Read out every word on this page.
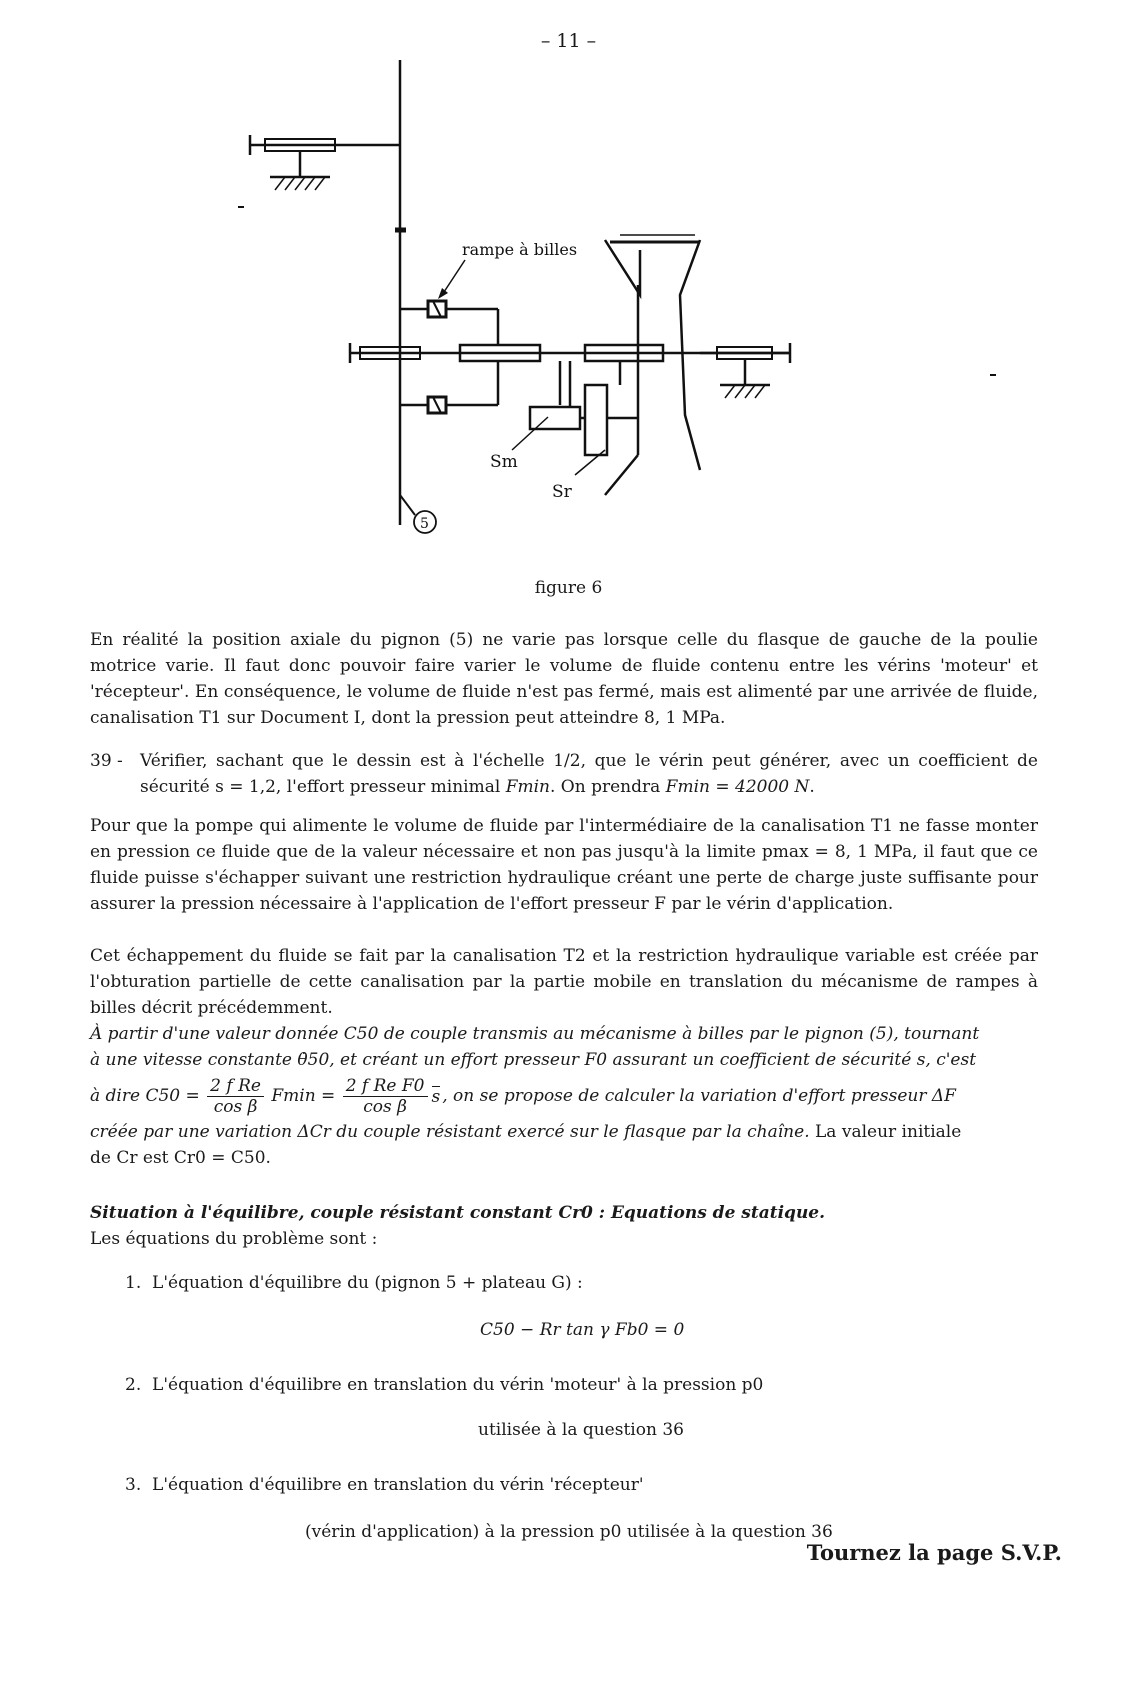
– 11 –
rampe à billes
Sm
Sr
5
figure 6

En réalité la position axiale du pignon (5) ne varie pas lorsque celle du flasque de gauche de la poulie motrice varie. Il faut donc pouvoir faire varier le volume de fluide contenu entre les vérins 'moteur' et 'récepteur'. En conséquence, le volume de fluide n'est pas fermé, mais est alimenté par une arrivée de fluide, canalisation T1 sur Document I, dont la pression peut atteindre 8, 1 MPa.

39 - Vérifier, sachant que le dessin est à l'échelle 1/2, que le vérin peut générer, avec un coefficient de sécurité s = 1,2, l'effort presseur minimal Fmin. On prendra Fmin = 42000 N.

Pour que la pompe qui alimente le volume de fluide par l'intermédiaire de la canalisation T1 ne fasse monter en pression ce fluide que de la valeur nécessaire et non pas jusqu'à la limite pmax = 8, 1 MPa, il faut que ce fluide puisse s'échapper suivant une restriction hydraulique créant une perte de charge juste suffisante pour assurer la pression nécessaire à l'application de l'effort presseur F par le vérin d'application.

Cet échappement du fluide se fait par la canalisation T2 et la restriction hydraulique variable est créée par l'obturation partielle de cette canalisation par la partie mobile en translation du mécanisme de rampes à billes décrit précédemment.

À partir d'une valeur donnée C50 de couple transmis au mécanisme à billes par le pignon (5), tournant
à une vitesse constante θ̇50, et créant un effort presseur F0 assurant un coefficient de sécurité s, c'est
à dire $C50 = \frac{\text{2 f Re}}{\text{cos β}}$ $Fmin = \frac{\text{2 f Re F0}}{\text{cos β}}$ s , on se propose de calculer la variation d'effort presseur ΔF
créée par une variation ΔCr du couple résistant exercé sur le flasque par la chaîne. La valeur initiale
de Cr est Cr0 = C50.
Situation à l'équilibre, couple résistant constant Cr0 : Equations de statique.
Les équations du problème sont :
1. L'équation d'équilibre du (pignon 5 + plateau G) :
C50 − Rr tan γ Fb0 = 0
2. L'équation d'équilibre en translation du vérin 'moteur' à la pression p0
utilisée à la question 36
3. L'équation d'équilibre en translation du vérin 'récepteur'
(vérin d'application) à la pression p0 utilisée à la question 36
Tournez la page S.V.P.
